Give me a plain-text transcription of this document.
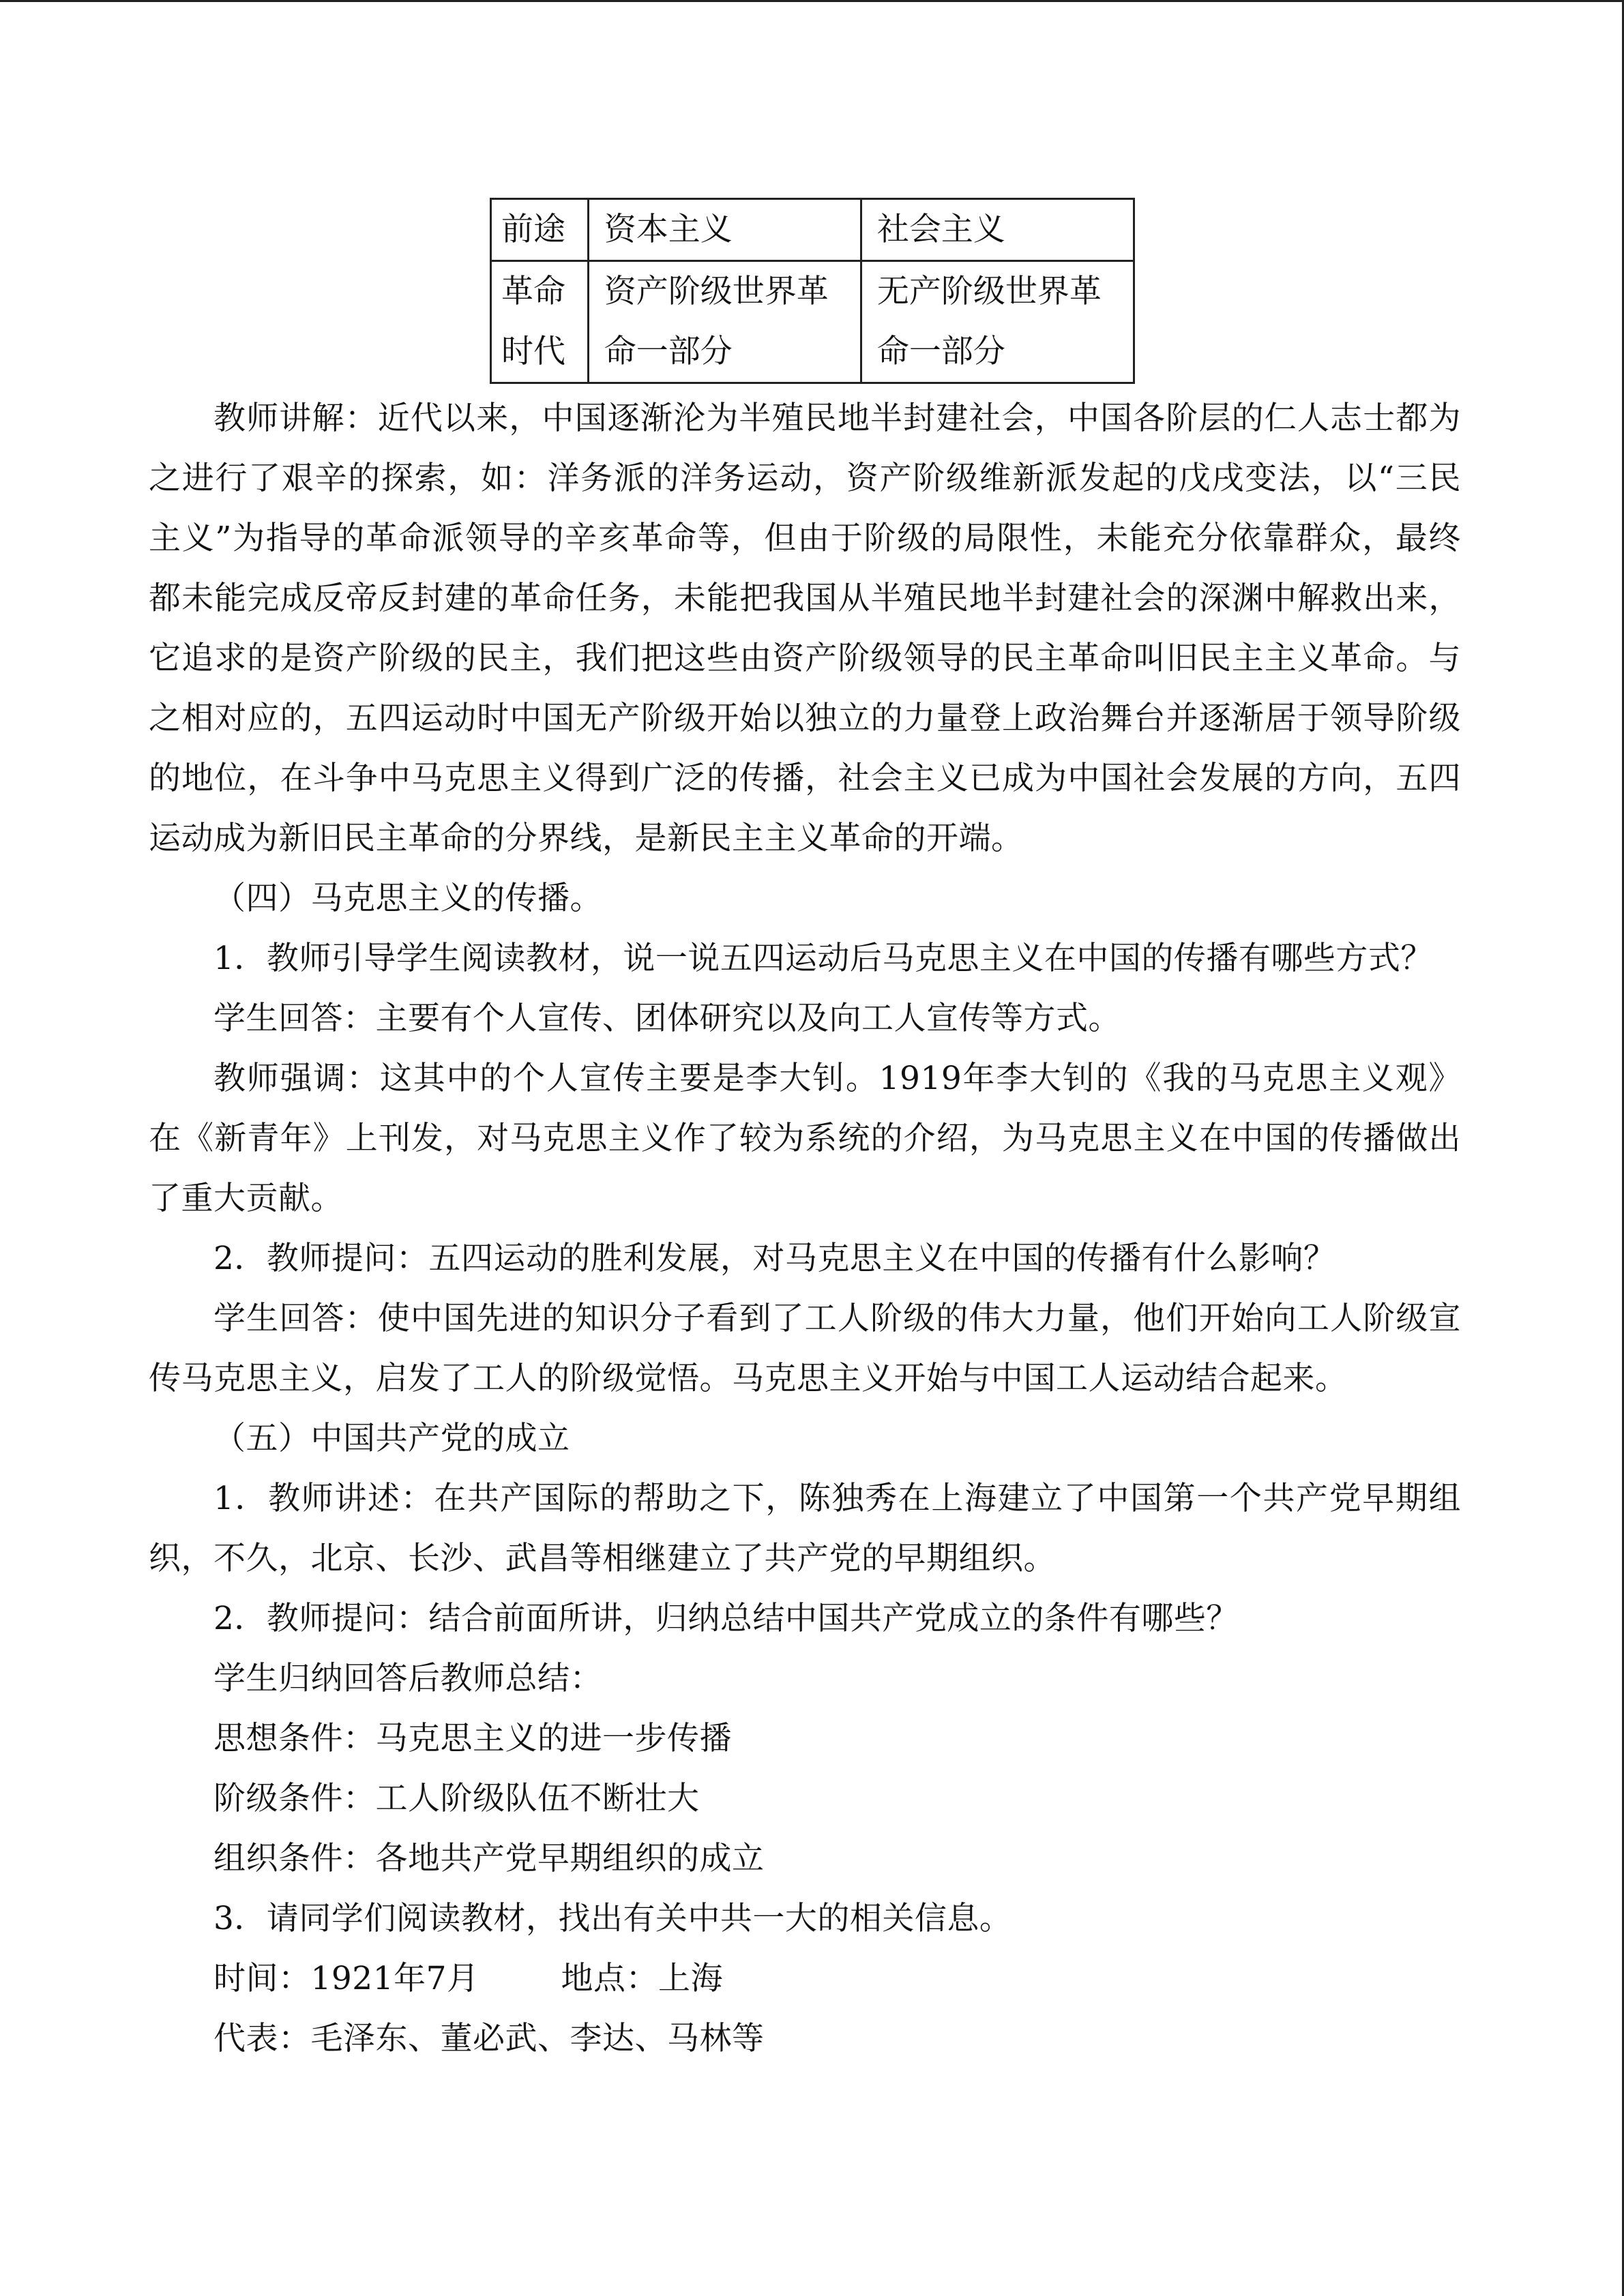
前途	资本主义	社会主义
革命时代	资产阶级世界革命一部分	无产阶级世界革命一部分

教师讲解：近代以来，中国逐渐沦为半殖民地半封建社会，中国各阶层的仁人志士都为之进行了艰辛的探索，如：洋务派的洋务运动，资产阶级维新派发起的戊戌变法，以“三民主义”为指导的革命派领导的辛亥革命等，但由于阶级的局限性，未能充分依靠群众，最终都未能完成反帝反封建的革命任务，未能把我国从半殖民地半封建社会的深渊中解救出来，它追求的是资产阶级的民主，我们把这些由资产阶级领导的民主革命叫旧民主主义革命。与之相对应的，五四运动时中国无产阶级开始以独立的力量登上政治舞台并逐渐居于领导阶级的地位，在斗争中马克思主义得到广泛的传播，社会主义已成为中国社会发展的方向，五四运动成为新旧民主革命的分界线，是新民主主义革命的开端。

（四）马克思主义的传播。

1．教师引导学生阅读教材，说一说五四运动后马克思主义在中国的传播有哪些方式？

学生回答：主要有个人宣传、团体研究以及向工人宣传等方式。

教师强调：这其中的个人宣传主要是李大钊。1919年李大钊的《我的马克思主义观》在《新青年》上刊发，对马克思主义作了较为系统的介绍，为马克思主义在中国的传播做出了重大贡献。

2．教师提问：五四运动的胜利发展，对马克思主义在中国的传播有什么影响？

学生回答：使中国先进的知识分子看到了工人阶级的伟大力量，他们开始向工人阶级宣传马克思主义，启发了工人的阶级觉悟。马克思主义开始与中国工人运动结合起来。

（五）中国共产党的成立

1．教师讲述：在共产国际的帮助之下，陈独秀在上海建立了中国第一个共产党早期组织，不久，北京、长沙、武昌等相继建立了共产党的早期组织。

2．教师提问：结合前面所讲，归纳总结中国共产党成立的条件有哪些？

学生归纳回答后教师总结：

思想条件：马克思主义的进一步传播

阶级条件：工人阶级队伍不断壮大

组织条件：各地共产党早期组织的成立

3．请同学们阅读教材，找出有关中共一大的相关信息。

时间：1921年7月	地点：上海

代表：毛泽东、董必武、李达、马林等
